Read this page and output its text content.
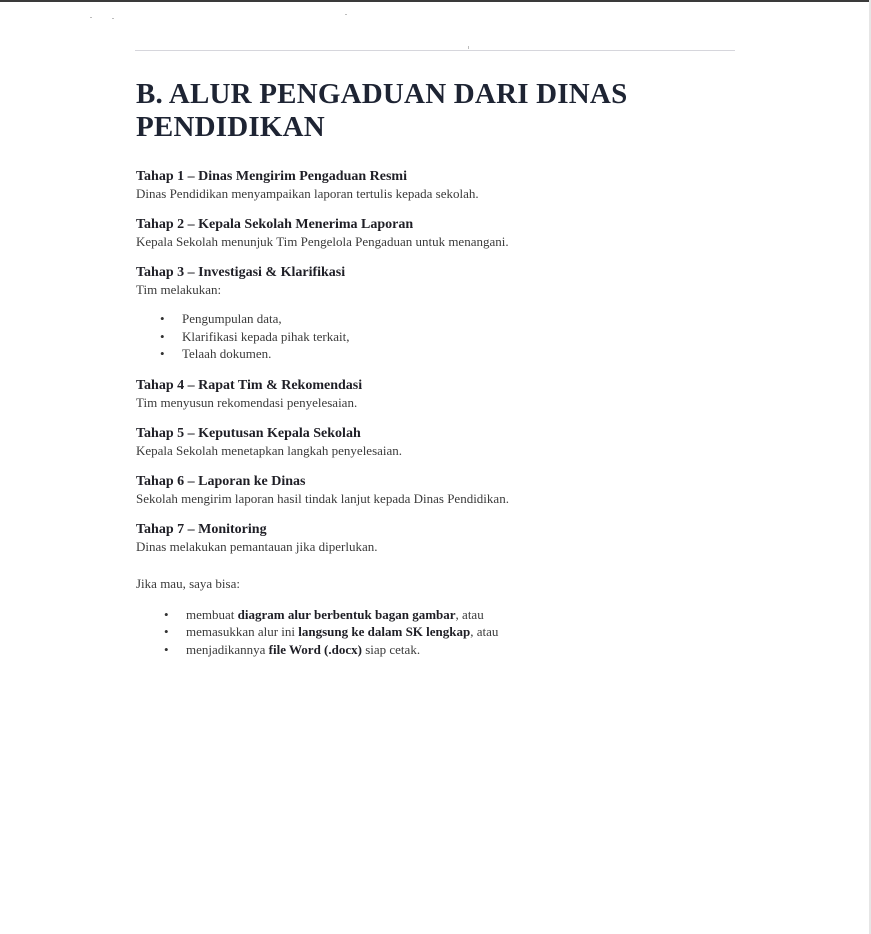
B. ALUR PENGADUAN DARI DINAS PENDIDIKAN
Tahap 1 – Dinas Mengirim Pengaduan Resmi
Dinas Pendidikan menyampaikan laporan tertulis kepada sekolah.
Tahap 2 – Kepala Sekolah Menerima Laporan
Kepala Sekolah menunjuk Tim Pengelola Pengaduan untuk menangani.
Tahap 3 – Investigasi & Klarifikasi
Tim melakukan:
• Pengumpulan data,
• Klarifikasi kepada pihak terkait,
• Telaah dokumen.
Tahap 4 – Rapat Tim & Rekomendasi
Tim menyusun rekomendasi penyelesaian.
Tahap 5 – Keputusan Kepala Sekolah
Kepala Sekolah menetapkan langkah penyelesaian.
Tahap 6 – Laporan ke Dinas
Sekolah mengirim laporan hasil tindak lanjut kepada Dinas Pendidikan.
Tahap 7 – Monitoring
Dinas melakukan pemantauan jika diperlukan.
Jika mau, saya bisa:
• membuat diagram alur berbentuk bagan gambar, atau
• memasukkan alur ini langsung ke dalam SK lengkap, atau
• menjadikannya file Word (.docx) siap cetak.
